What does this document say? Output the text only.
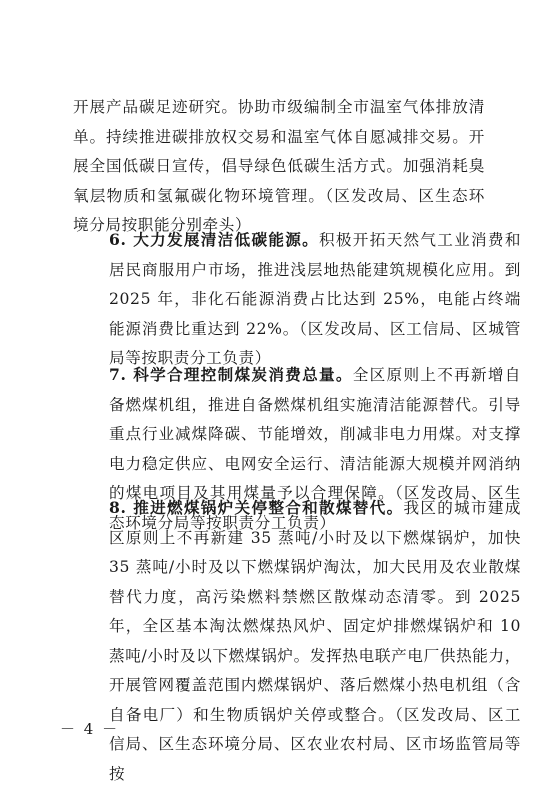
开展产品碳足迹研究。协助市级编制全市温室气体排放清单。持续推进碳排放权交易和温室气体自愿减排交易。开展全国低碳日宣传，倡导绿色低碳生活方式。加强消耗臭氧层物质和氢氟碳化物环境管理。（区发改局、区生态环境分局按职能分别牵头）

6. 大力发展清洁低碳能源。积极开拓天然气工业消费和居民商服用户市场，推进浅层地热能建筑规模化应用。到 2025 年，非化石能源消费占比达到 25%，电能占终端能源消费比重达到 22%。（区发改局、区工信局、区城管局等按职责分工负责）

7. 科学合理控制煤炭消费总量。全区原则上不再新增自备燃煤机组，推进自备燃煤机组实施清洁能源替代。引导重点行业减煤降碳、节能增效，削减非电力用煤。对支撑电力稳定供应、电网安全运行、清洁能源大规模并网消纳的煤电项目及其用煤量予以合理保障。（区发改局、区生态环境分局等按职责分工负责）

8. 推进燃煤锅炉关停整合和散煤替代。我区的城市建成区原则上不再新建 35 蒸吨/小时及以下燃煤锅炉，加快 35 蒸吨/小时及以下燃煤锅炉淘汰，加大民用及农业散煤替代力度，高污染燃料禁燃区散煤动态清零。到 2025 年，全区基本淘汰燃煤热风炉、固定炉排燃煤锅炉和 10 蒸吨/小时及以下燃煤锅炉。发挥热电联产电厂供热能力，开展管网覆盖范围内燃煤锅炉、落后燃煤小热电机组（含自备电厂）和生物质锅炉关停或整合。（区发改局、区工信局、区生态环境分局、区农业农村局、区市场监管局等按

－ 4 －
